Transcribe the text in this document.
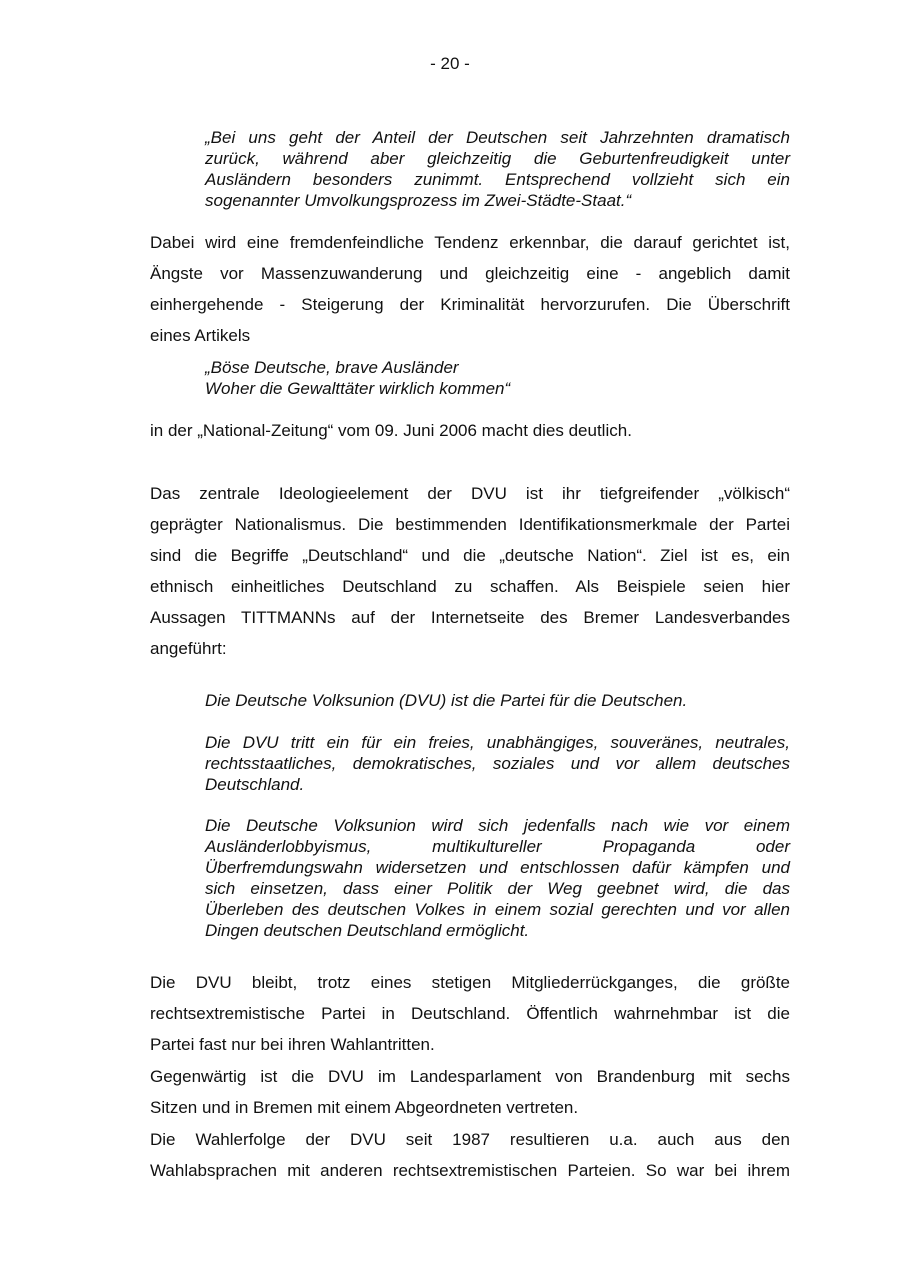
- 20 -
„Bei uns geht der Anteil der Deutschen seit Jahrzehnten dramatisch
zurück, während aber gleichzeitig die Geburtenfreudigkeit unter
Ausländern besonders zunimmt. Entsprechend vollzieht sich ein
sogenannter Umvolkungsprozess im Zwei-Städte-Staat.“
Dabei wird eine fremdenfeindliche Tendenz erkennbar, die darauf gerichtet ist,
Ängste vor Massenzuwanderung und gleichzeitig eine - angeblich damit
einhergehende - Steigerung der Kriminalität hervorzurufen. Die Überschrift
eines Artikels
„Böse Deutsche, brave Ausländer
Woher die Gewalttäter wirklich kommen“
in der „National-Zeitung“ vom 09. Juni 2006 macht dies deutlich.
Das zentrale Ideologieelement der DVU ist ihr tiefgreifender „völkisch“
geprägter Nationalismus. Die bestimmenden Identifikationsmerkmale der Partei
sind die Begriffe „Deutschland“ und die „deutsche Nation“. Ziel ist es, ein
ethnisch einheitliches Deutschland zu schaffen. Als Beispiele seien hier
Aussagen TITTMANNs auf der Internetseite des Bremer Landesverbandes
angeführt:
Die Deutsche Volksunion (DVU) ist die Partei für die Deutschen.
Die DVU tritt ein für ein freies, unabhängiges, souveränes, neutrales,
rechtsstaatliches, demokratisches, soziales und vor allem deutsches
Deutschland.
Die Deutsche Volksunion wird sich jedenfalls nach wie vor einem
Ausländerlobbyismus, multikultureller Propaganda oder
Überfremdungswahn widersetzen und entschlossen dafür kämpfen und
sich einsetzen, dass einer Politik der Weg geebnet wird, die das
Überleben des deutschen Volkes in einem sozial gerechten und vor allen
Dingen deutschen Deutschland ermöglicht.
Die DVU bleibt, trotz eines stetigen Mitgliederrückganges, die größte
rechtsextremistische Partei in Deutschland. Öffentlich wahrnehmbar ist die
Partei fast nur bei ihren Wahlantritten.
Gegenwärtig ist die DVU im Landesparlament von Brandenburg mit sechs
Sitzen und in Bremen mit einem Abgeordneten vertreten.
Die Wahlerfolge der DVU seit 1987 resultieren u.a. auch aus den
Wahlabsprachen mit anderen rechtsextremistischen Parteien. So war bei ihrem
